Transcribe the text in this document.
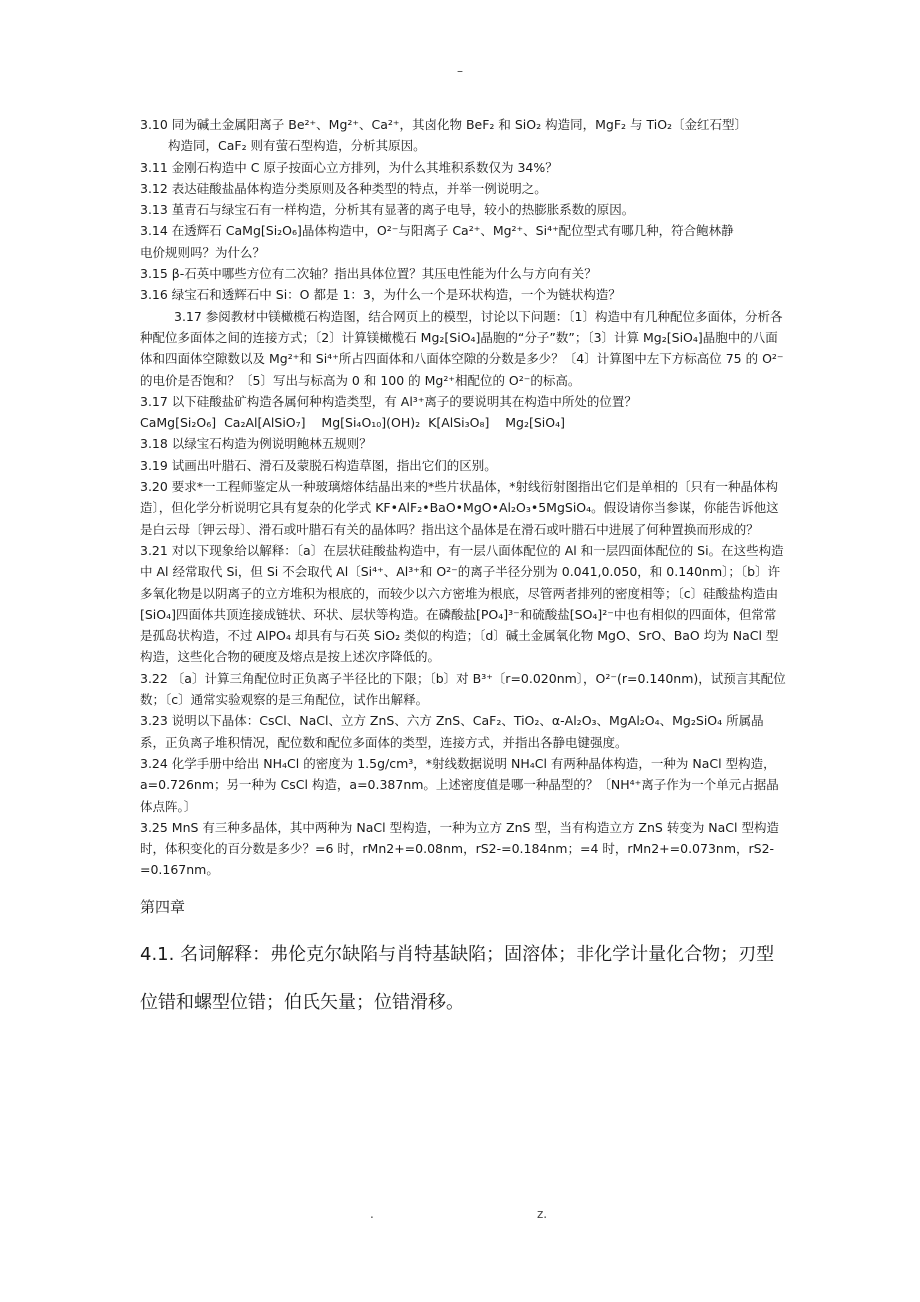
–
3.10 同为碱土金属阳离子 Be²⁺、Mg²⁺、Ca²⁺，其卤化物 BeF₂ 和 SiO₂ 构造同，MgF₂ 与 TiO₂〔金红石型〕
构造同，CaF₂ 则有萤石型构造，分析其原因。
3.11 金刚石构造中 C 原子按面心立方排列，为什么其堆积系数仅为 34%？
3.12 表达硅酸盐晶体构造分类原则及各种类型的特点，并举一例说明之。
3.13 堇青石与绿宝石有一样构造，分析其有显著的离子电导，较小的热膨胀系数的原因。
3.14 在透辉石 CaMg[Si₂O₆]晶体构造中，O²⁻与阳离子 Ca²⁺、Mg²⁺、Si⁴⁺配位型式有哪几种，符合鲍林静
电价规则吗？为什么？
3.15 β-石英中哪些方位有二次轴？指出具体位置？其压电性能为什么与方向有关？
3.16 绿宝石和透辉石中 Si：O 都是 1：3，为什么一个是环状构造，一个为链状构造？
3.17 参阅教材中镁橄榄石构造图，结合网页上的模型，讨论以下问题：〔1〕构造中有几种配位多面体，分析各种配位多面体之间的连接方式；〔2〕计算镁橄榄石 Mg₂[SiO₄]晶胞的“分子”数”；〔3〕计算 Mg₂[SiO₄]晶胞中的八面体和四面体空隙数以及 Mg²⁺和 Si⁴⁺所占四面体和八面体空隙的分数是多少？〔4〕计算图中左下方标高位 75 的 O²⁻的电价是否饱和？〔5〕写出与标高为 0 和 100 的 Mg²⁺相配位的 O²⁻的标高。
3.17 以下硅酸盐矿构造各属何种构造类型，有 Al³⁺离子的要说明其在构造中所处的位置？
CaMg[Si₂O₆]  Ca₂Al[AlSiO₇]    Mg[Si₄O₁₀](OH)₂  K[AlSi₃O₈]    Mg₂[SiO₄]
3.18 以绿宝石构造为例说明鲍林五规则？
3.19 试画出叶腊石、滑石及蒙脱石构造草图，指出它们的区别。
3.20 要求*一工程师鉴定从一种玻璃熔体结晶出来的*些片状晶体，*射线衍射图指出它们是单相的〔只有一种晶体构造〕，但化学分析说明它具有复杂的化学式 KF•AlF₂•BaO•MgO•Al₂O₃•5MgSiO₄。假设请你当参谋，你能告诉他这是白云母〔钾云母〕、滑石或叶腊石有关的晶体吗？指出这个晶体是在滑石或叶腊石中进展了何种置换而形成的？
3.21 对以下现象给以解释：〔a〕在层状硅酸盐构造中，有一层八面体配位的 Al 和一层四面体配位的 Si。在这些构造中 Al 经常取代 Si，但 Si 不会取代 Al〔Si⁴⁺、Al³⁺和 O²⁻的离子半径分别为 0.041,0.050，和 0.140nm〕；〔b〕许多氧化物是以阴离子的立方堆积为根底的，而较少以六方密堆为根底，尽管两者排列的密度相等；〔c〕硅酸盐构造由[SiO₄]四面体共顶连接成链状、环状、层状等构造。在磷酸盐[PO₄]³⁻和硫酸盐[SO₄]²⁻中也有相似的四面体，但常常是孤岛状构造，不过 AlPO₄ 却具有与石英 SiO₂ 类似的构造；〔d〕碱土金属氧化物 MgO、SrO、BaO 均为 NaCl 型构造，这些化合物的硬度及熔点是按上述次序降低的。
3.22 〔a〕计算三角配位时正负离子半径比的下限；〔b〕对 B³⁺〔r=0.020nm〕，O²⁻(r=0.140nm)，试预言其配位数；〔c〕通常实验观察的是三角配位，试作出解释。
3.23 说明以下晶体：CsCl、NaCl、立方 ZnS、六方 ZnS、CaF₂、TiO₂、α-Al₂O₃、MgAl₂O₄、Mg₂SiO₄ 所属晶系，正负离子堆积情况，配位数和配位多面体的类型，连接方式，并指出各静电键强度。
3.24 化学手册中给出 NH₄Cl 的密度为 1.5g/cm³，*射线数据说明 NH₄Cl 有两种晶体构造，一种为 NaCl 型构造，a=0.726nm；另一种为 CsCl 构造，a=0.387nm。上述密度值是哪一种晶型的？〔NH⁴⁺离子作为一个单元占据晶体点阵。〕
3.25 MnS 有三种多晶体，其中两种为 NaCl 型构造，一种为立方 ZnS 型，当有构造立方 ZnS 转变为 NaCl 型构造时，体积变化的百分数是多少？=6 时，rMn2+=0.08nm，rS2-=0.184nm；=4 时，rMn2+=0.073nm，rS2-=0.167nm。
第四章
4.1. 名词解释：弗伦克尔缺陷与肖特基缺陷；固溶体；非化学计量化合物；刃型
位错和螺型位错；伯氏矢量；位错滑移。
.	z.
